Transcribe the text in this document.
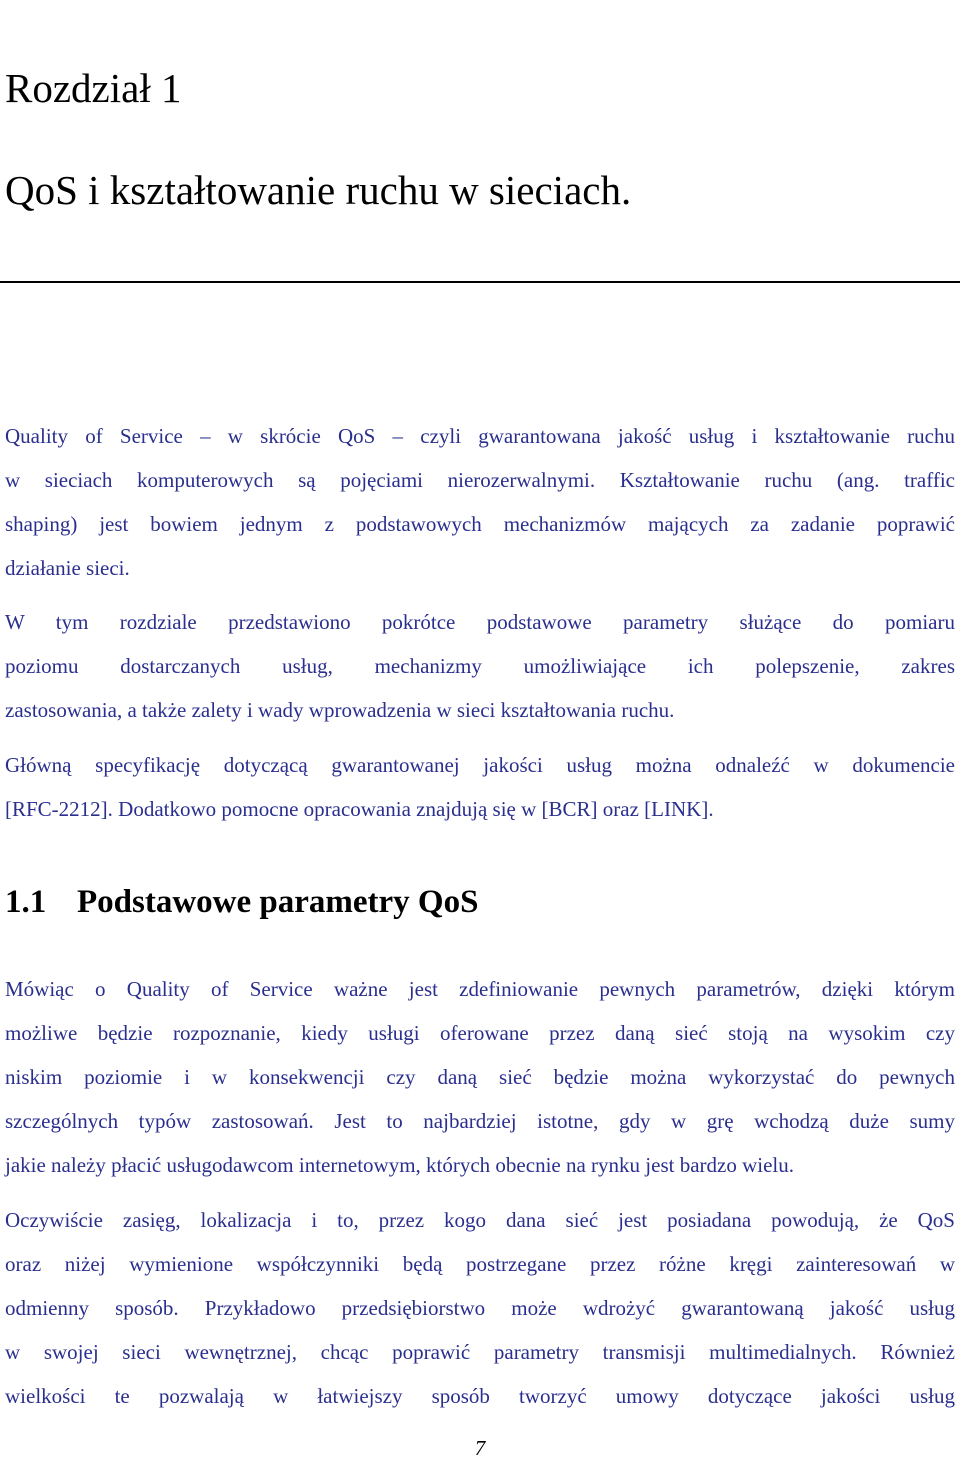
Rozdział 1
QoS i kształtowanie ruchu w sieciach.
Quality of Service – w skrócie QoS – czyli gwarantowana jakość usług i kształtowanie ruchu
w sieciach komputerowych są pojęciami nierozerwalnymi. Kształtowanie ruchu (ang. traffic
shaping) jest bowiem jednym z podstawowych mechanizmów mających za zadanie poprawić
działanie sieci.
W tym rozdziale przedstawiono pokrótce podstawowe parametry służące do pomiaru
poziomu dostarczanych usług, mechanizmy umożliwiające ich polepszenie, zakres
zastosowania, a także zalety i wady wprowadzenia w sieci kształtowania ruchu.
Główną specyfikację dotyczącą gwarantowanej jakości usług można odnaleźć w dokumencie
[RFC-2212]. Dodatkowo pomocne opracowania znajdują się w [BCR] oraz [LINK].
1.1 Podstawowe parametry QoS
Mówiąc o Quality of Service ważne jest zdefiniowanie pewnych parametrów, dzięki którym
możliwe będzie rozpoznanie, kiedy usługi oferowane przez daną sieć stoją na wysokim czy
niskim poziomie i w konsekwencji czy daną sieć będzie można wykorzystać do pewnych
szczególnych typów zastosowań. Jest to najbardziej istotne, gdy w grę wchodzą duże sumy
jakie należy płacić usługodawcom internetowym, których obecnie na rynku jest bardzo wielu.
Oczywiście zasięg, lokalizacja i to, przez kogo dana sieć jest posiadana powodują, że QoS
oraz niżej wymienione współczynniki będą postrzegane przez różne kręgi zainteresowań w
odmienny sposób. Przykładowo przedsiębiorstwo może wdrożyć gwarantowaną jakość usług
w swojej sieci wewnętrznej, chcąc poprawić parametry transmisji multimedialnych. Również
wielkości te pozwalają w łatwiejszy sposób tworzyć umowy dotyczące jakości usług
7
